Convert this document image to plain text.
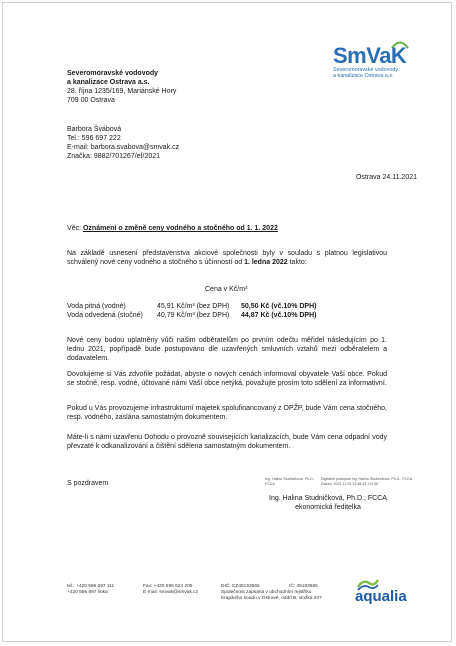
SmVaK
Severomoravské vodovody
a kanalizace Ostrava a.s.
Severomoravské vodovody
a kanalizace Ostrava a.s.
28. října 1235/169, Mariánské Hory
709 00 Ostrava
Barbora Švábová
Tel.: 596 697 222
E-mail: barbora.svabova@smvak.cz
Značka: 9882/701267/ef/2021
Ostrava 24.11.2021
Věc: Oznámení o změně ceny vodného a stočného od 1. 1. 2022
Na základě usnesení představenstva akciové společnosti byly v souladu s platnou legislativou schválený nové ceny vodného a stočného s účinností od 1. ledna 2022 takto:
Cena v Kč/m³
Voda pitná (vodné)	45,91 Kč/m³ (bez DPH) 50,50 Kč (vč.10% DPH)
Voda odvedená (stočné) 40,79 Kč/m³ (bez DPH) 44,87 Kč (vč.10% DPH)
Nové ceny budou uplatněny vůči našim odběratelům po prvním odečtu měřidel následujícím po 1. lednu 2021, popřípadě bude postupováno dle uzavřených smluvních vztahů mezi odběratelem a dodavatelem.
Dovolujeme si Vás zdvořile požádat, abyste o nových cenách informoval obyvatele Vaší obce. Pokud se stočné, resp. vodné, účtované námi Vaší obce netýká, považujte prosím toto sdělení za informativní.
Pokud u Vás provozujeme infrastrukturní majetek spolufinancovaný z OPŽP, bude Vám cena stočného, resp. vodného, zaslána samostatným dokumentem.
Máte-li s námi uzavřenu Dohodu o provozně souvisejících kanalizacích, bude Vám cena odpadní vody převzaté k odkanalizování a čištění sdělena samostatným dokumentem.
S pozdravem
Ing. Halina Studničková, Ph.D., FCCA
Digitálně podepsal Ing. Halina Studničková, Ph.D., FCCA Datum: 2021.11.25 13:38:43 +01'00'
Ing. Halina Studničková, Ph.D., FCCA
ekonomická ředitelka
tel.: +420 596 697 111
+420 596 697 linka
Fax: +420 596 624 205
E-mail: smvak@smvak.cz
DIČ: CZ45193665
Společnost zapsána v obchodním rejstříku
Krajského soudu v Ostravě, oddíl B, vložka 347
IČ: 45193665
aqualia
